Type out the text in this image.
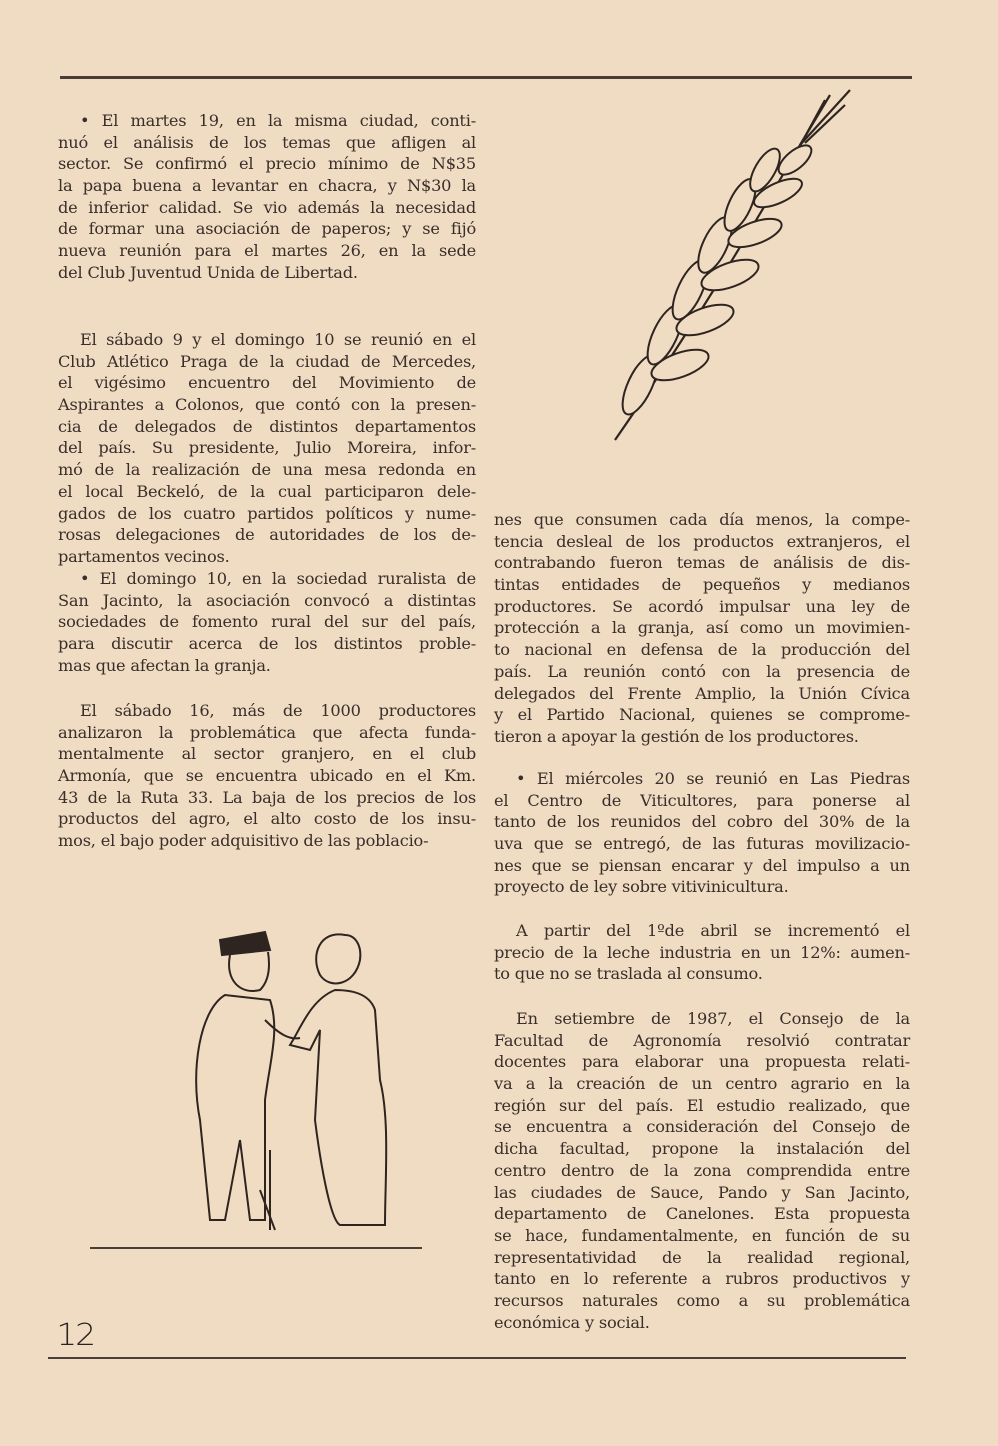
• El martes 19, en la misma ciudad, conti-
nuó el análisis de los temas que afligen al
sector. Se confirmó el precio mínimo de N$35
la papa buena a levantar en chacra, y N$30 la
de inferior calidad. Se vio además la necesidad
de formar una asociación de paperos; y se fijó
nueva reunión para el martes 26, en la sede
del Club Juventud Unida de Libertad.
El sábado 9 y el domingo 10 se reunió en el
Club Atlético Praga de la ciudad de Mercedes,
el vigésimo encuentro del Movimiento de
Aspirantes a Colonos, que contó con la presen-
cia de delegados de distintos departamentos
del país. Su presidente, Julio Moreira, infor-
mó de la realización de una mesa redonda en
el local Beckeló, de la cual participaron dele-
gados de los cuatro partidos políticos y nume-
rosas delegaciones de autoridades de los de-
partamentos vecinos.
• El domingo 10, en la sociedad ruralista de
San Jacinto, la asociación convocó a distintas
sociedades de fomento rural del sur del país,
para discutir acerca de los distintos proble-
mas que afectan la granja.
El sábado 16, más de 1000 productores
analizaron la problemática que afecta funda-
mentalmente al sector granjero, en el club
Armonía, que se encuentra ubicado en el Km.
43 de la Ruta 33. La baja de los precios de los
productos del agro, el alto costo de los insu-
mos, el bajo poder adquisitivo de las poblacio-
nes que consumen cada día menos, la compe-
tencia desleal de los productos extranjeros, el
contrabando fueron temas de análisis de dis-
tintas entidades de pequeños y medianos
productores. Se acordó impulsar una ley de
protección a la granja, así como un movimien-
to nacional en defensa de la producción del
país. La reunión contó con la presencia de
delegados del Frente Amplio, la Unión Cívica
y el Partido Nacional, quienes se comprome-
tieron a apoyar la gestión de los productores.
• El miércoles 20 se reunió en Las Piedras
el Centro de Viticultores, para ponerse al
tanto de los reunidos del cobro del 30% de la
uva que se entregó, de las futuras movilizacio-
nes que se piensan encarar y del impulso a un
proyecto de ley sobre vitivinicultura.
A partir del 1ºde abril se incrementó el
precio de la leche industria en un 12%: aumen-
to que no se traslada al consumo.
En setiembre de 1987, el Consejo de la
Facultad de Agronomía resolvió contratar
docentes para elaborar una propuesta relati-
va a la creación de un centro agrario en la
región sur del país. El estudio realizado, que
se encuentra a consideración del Consejo de
dicha facultad, propone la instalación del
centro dentro de la zona comprendida entre
las ciudades de Sauce, Pando y San Jacinto,
departamento de Canelones. Esta propuesta
se hace, fundamentalmente, en función de su
representatividad de la realidad regional,
tanto en lo referente a rubros productivos y
recursos naturales como a su problemática
económica y social.
12
